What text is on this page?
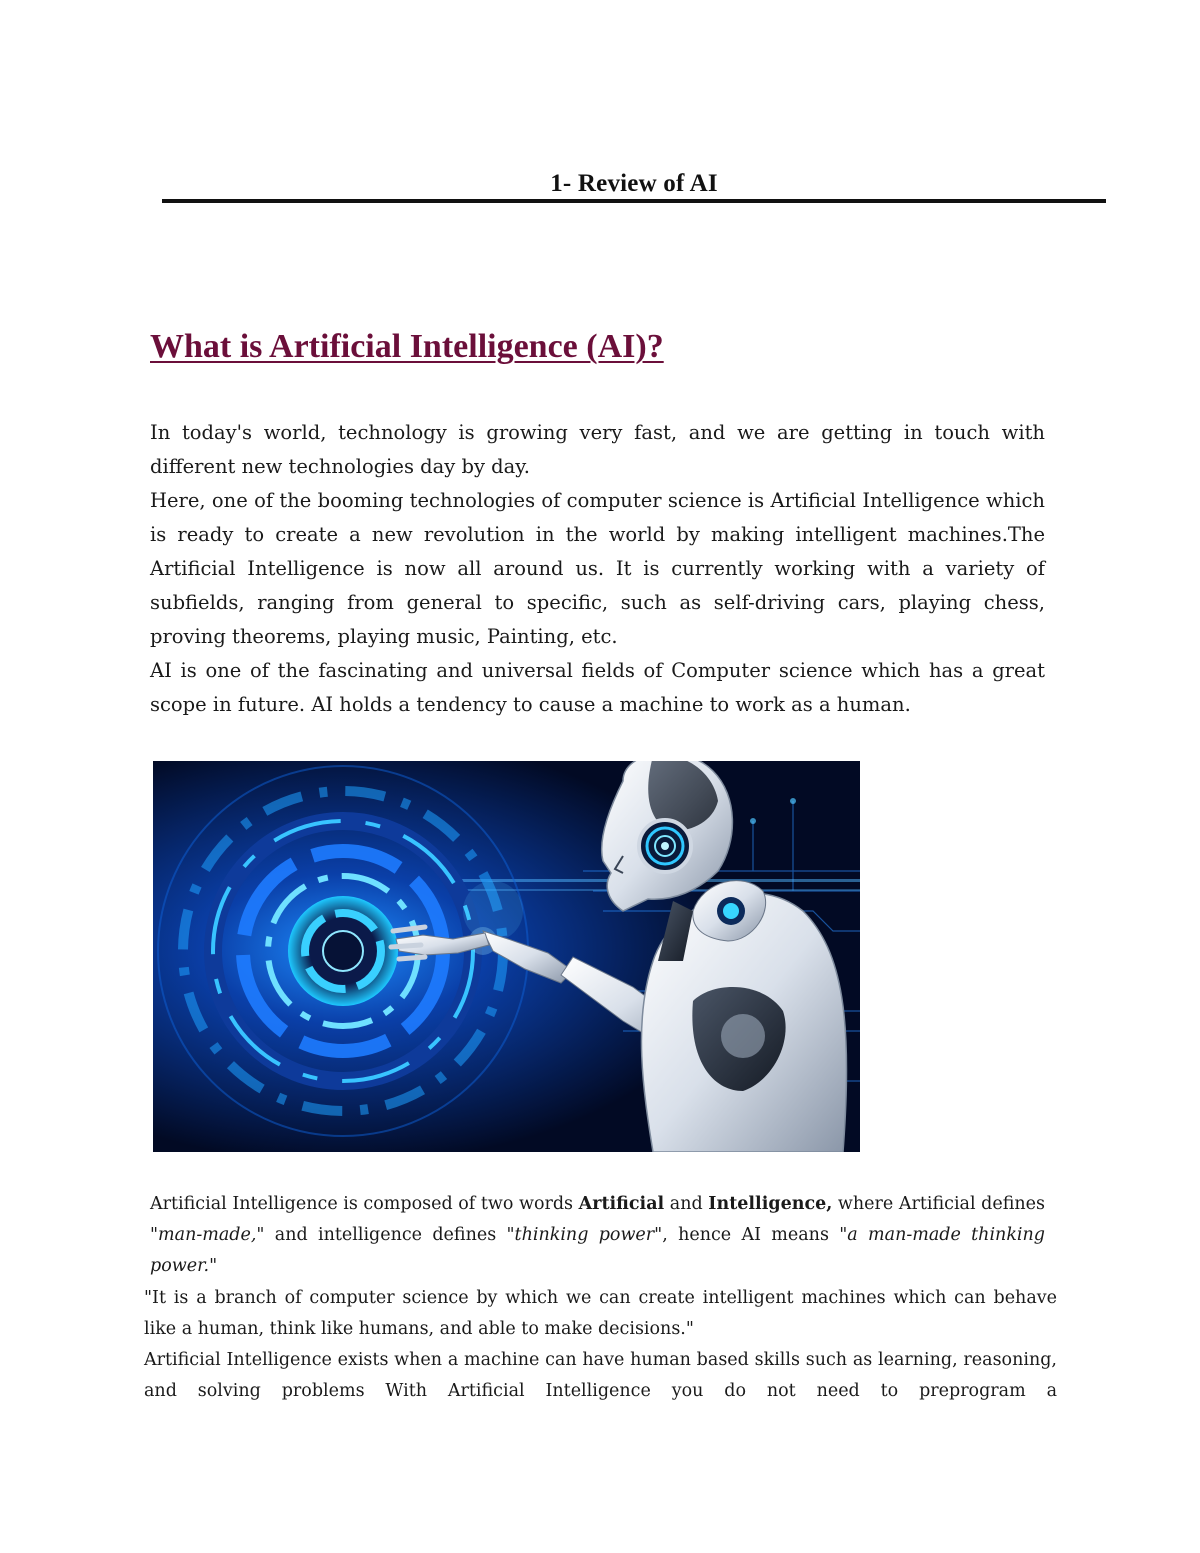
1- Review of AI
What is Artificial Intelligence (AI)?

In today's world, technology is growing very fast, and we are getting in touch with different new technologies day by day.

Here, one of the booming technologies of computer science is Artificial Intelligence which is ready to create a new revolution in the world by making intelligent machines.The Artificial Intelligence is now all around us. It is currently working with a variety of subfields, ranging from general to specific, such as self-driving cars, playing chess, proving theorems, playing music, Painting, etc.

AI is one of the fascinating and universal fields of Computer science which has a great scope in future. AI holds a tendency to cause a machine to work as a human.

Artificial Intelligence is composed of two words Artificial and Intelligence, where Artificial defines "man-made," and intelligence defines "thinking power", hence AI means "a man-made thinking power."

"It is a branch of computer science by which we can create intelligent machines which can behave like a human, think like humans, and able to make decisions."

Artificial Intelligence exists when a machine can have human based skills such as learning, reasoning, and solving problems With Artificial Intelligence you do not need to preprogram a
